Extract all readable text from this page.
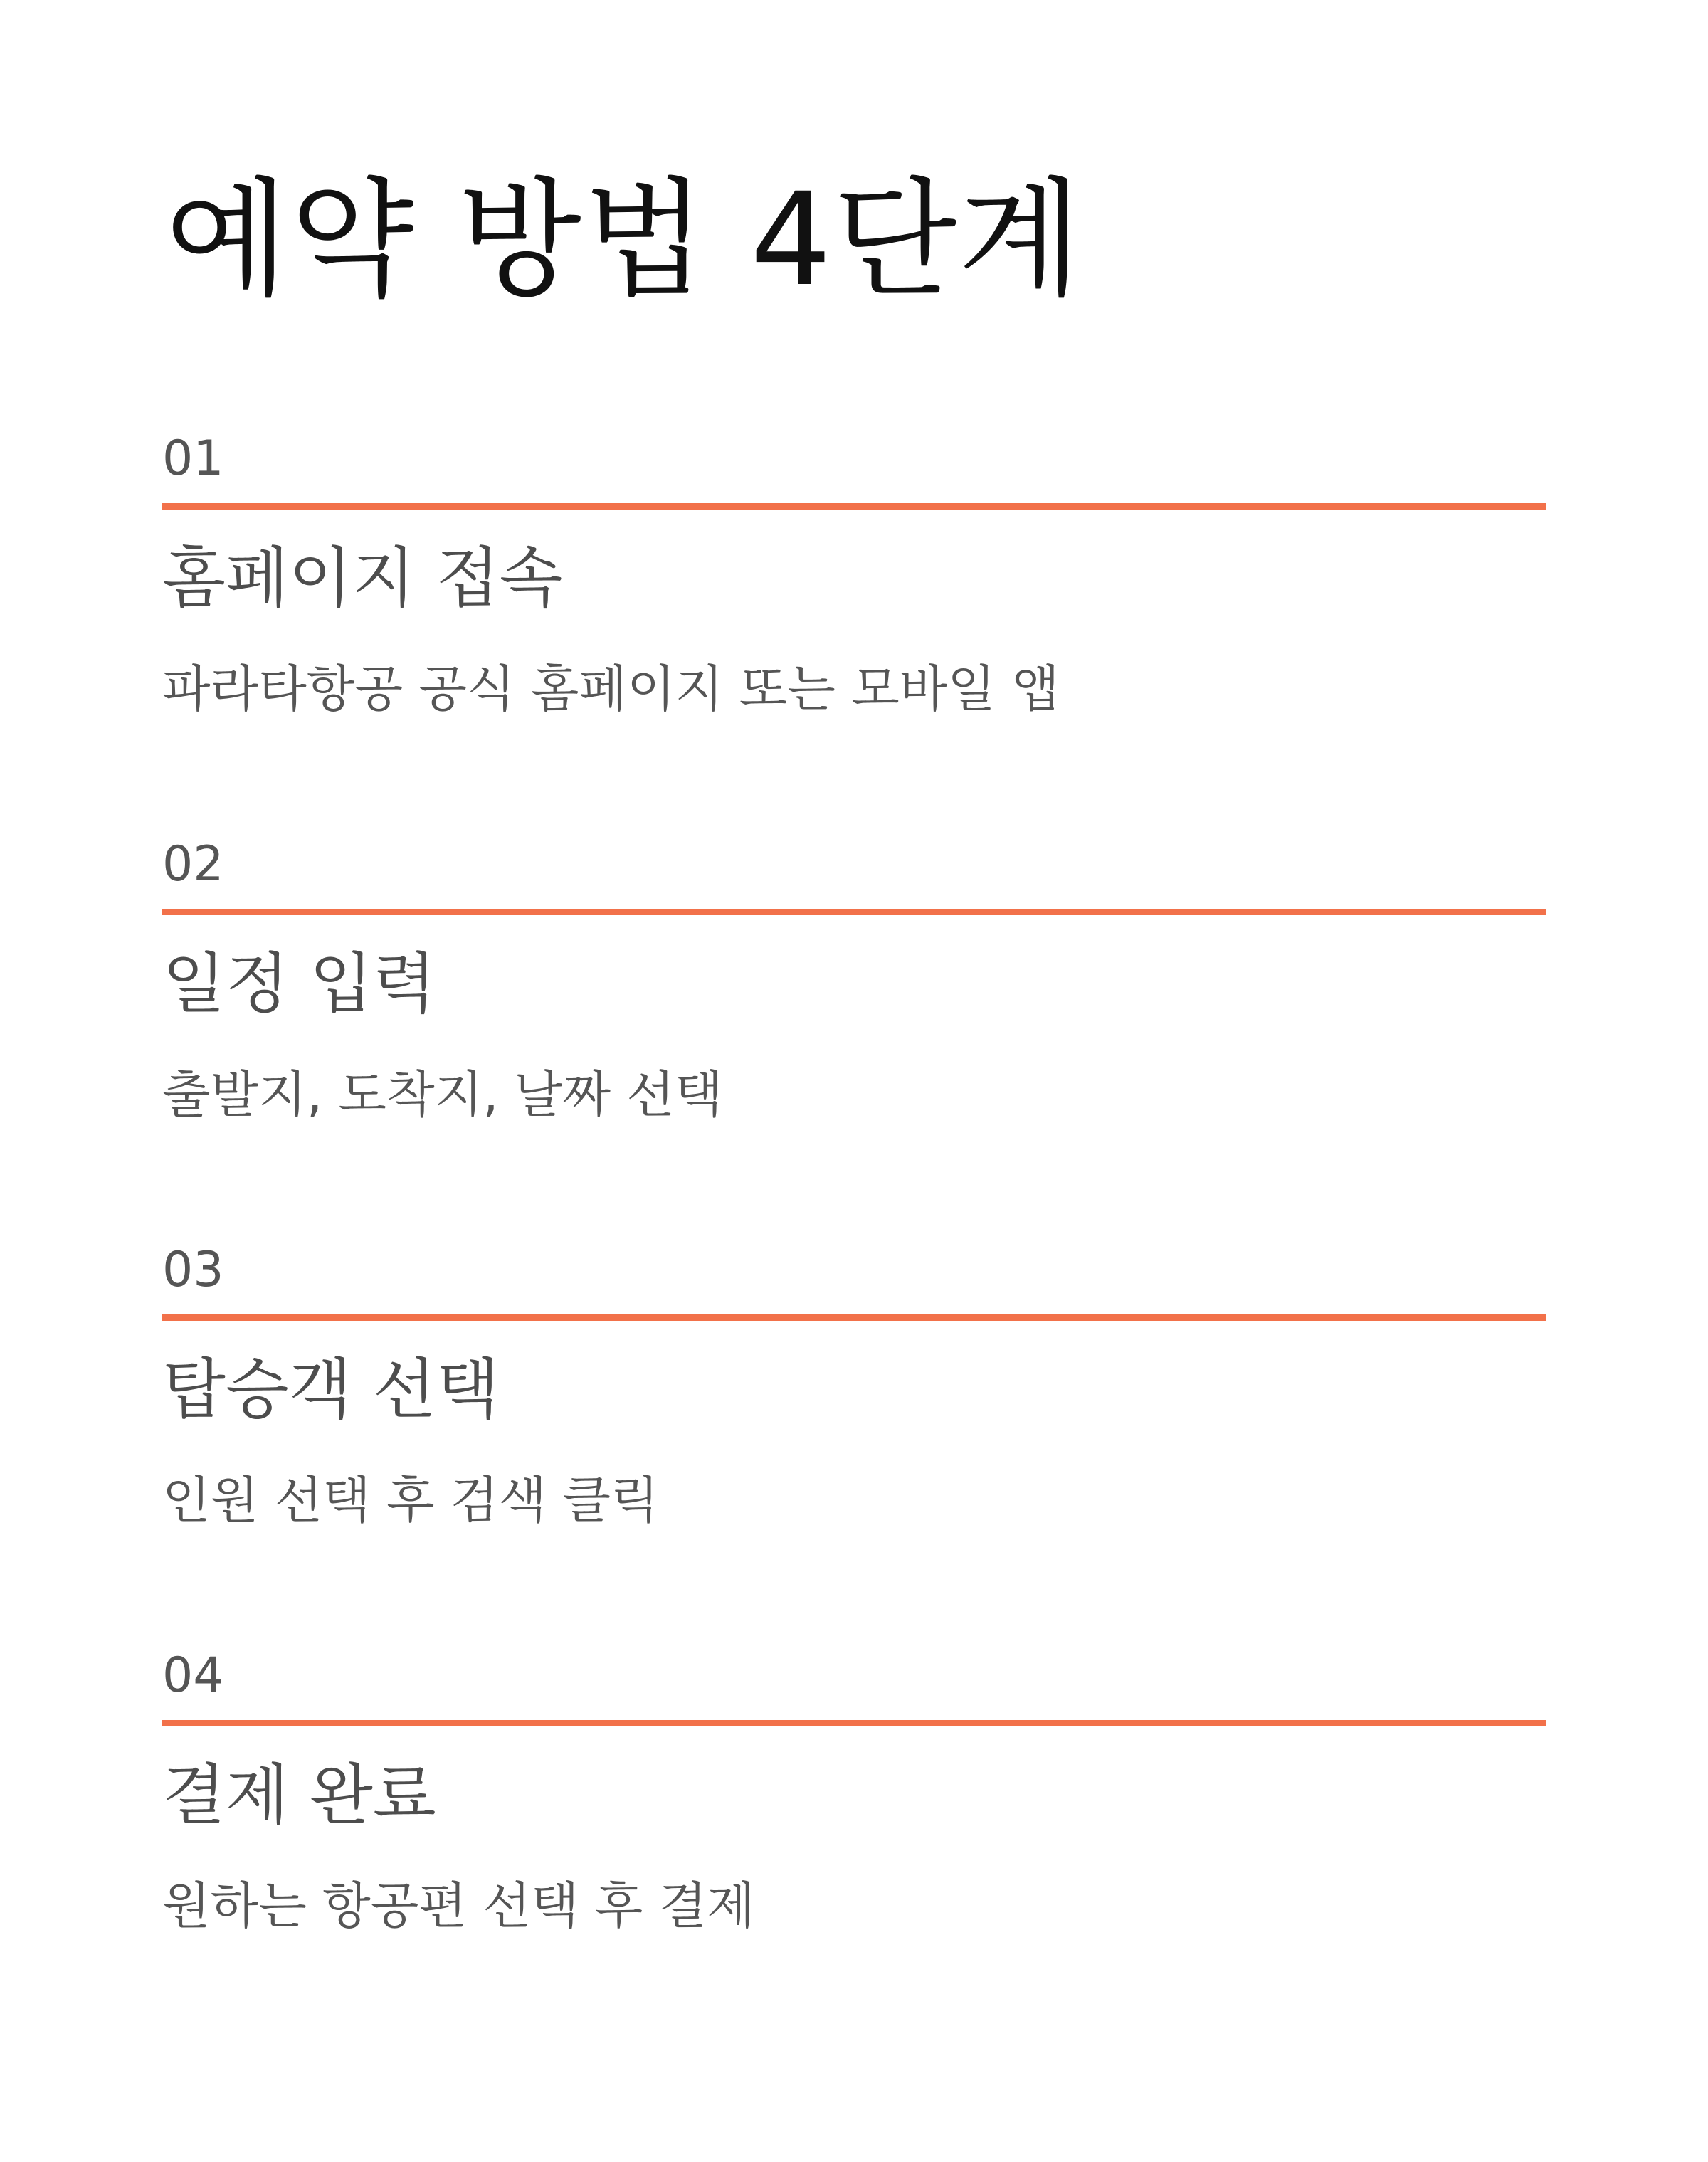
예약 방법 4단계
01
홈페이지 접속

파라타항공 공식 홈페이지 또는 모바일 앱

02
일정 입력

출발지, 도착지, 날짜 선택

03
탑승객 선택

인원 선택 후 검색 클릭

04
결제 완료

원하는 항공편 선택 후 결제
